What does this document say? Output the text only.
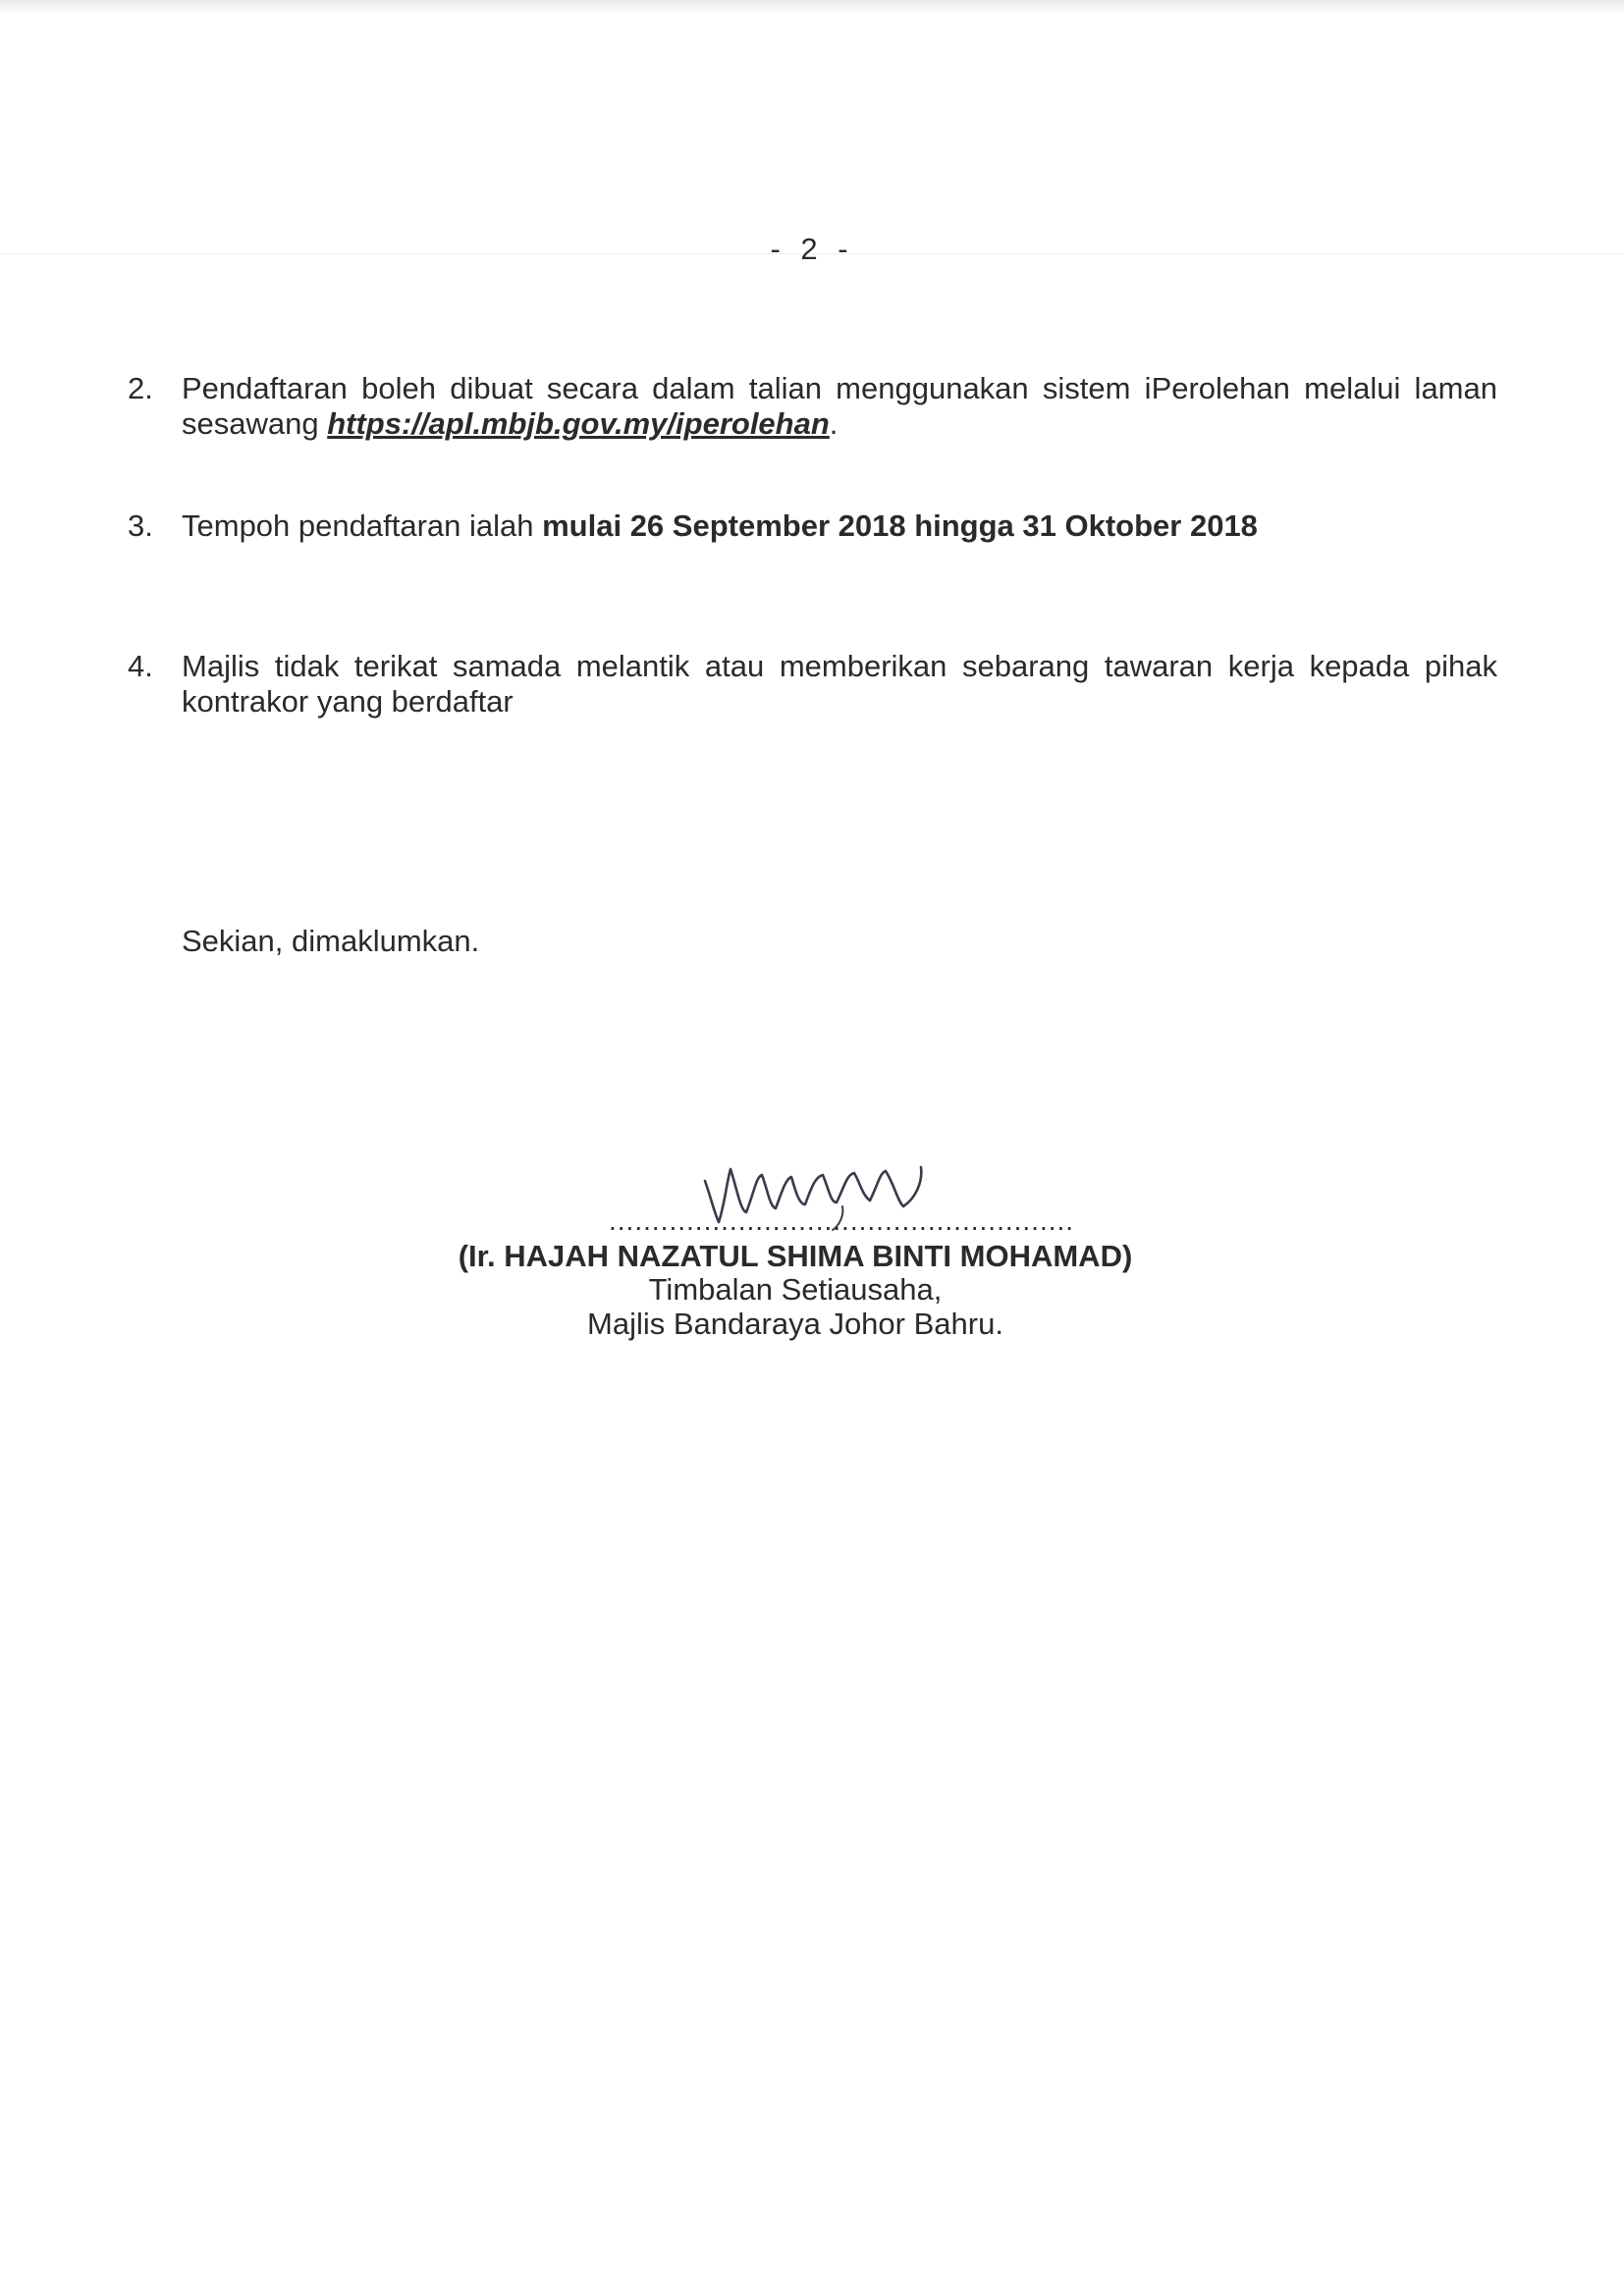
- 2 -
2. Pendaftaran boleh dibuat secara dalam talian menggunakan sistem iPerolehan melalui laman sesawang https://apl.mbjb.gov.my/iperolehan.
3. Tempoh pendaftaran ialah mulai 26 September 2018 hingga 31 Oktober 2018
4. Majlis tidak terikat samada melantik atau memberikan sebarang tawaran kerja kepada pihak kontrakor yang berdaftar
Sekian, dimaklumkan.
......................................................
(Ir. HAJAH NAZATUL SHIMA BINTI MOHAMAD)
Timbalan Setiausaha,
Majlis Bandaraya Johor Bahru.
